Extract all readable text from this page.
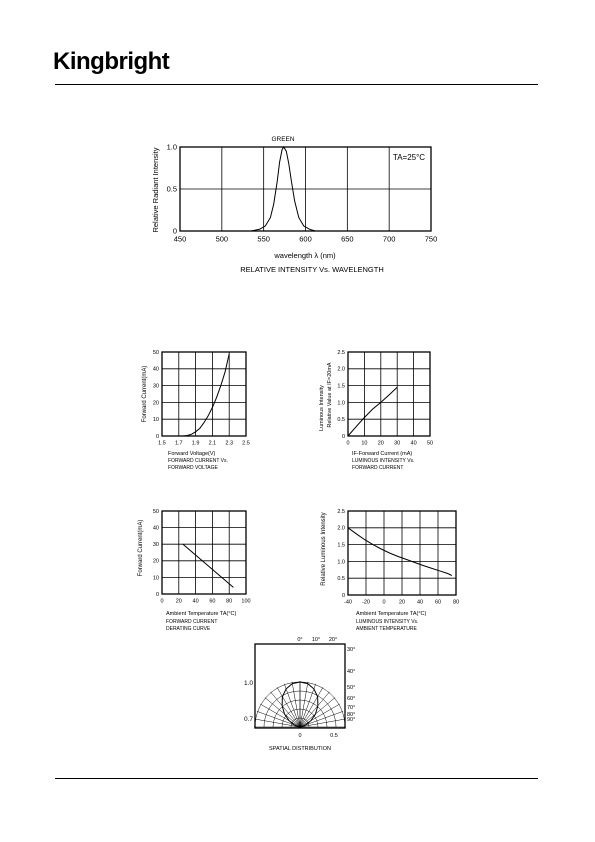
Kingbright
450	500	550	600	650	700	750
0
0.5
1.0
GREEN
TA=25°C
wavelength λ (nm)
RELATIVE INTENSITY Vs. WAVELENGTH
Relative Radiant Intensity
1.5 1.7 1.9 2.1 2.3 2.5
0
10
20
30
40
50
Forward Voltage(V)
FORWARD CURRENT Vs.
FORWARD VOLTAGE
Forward Current(mA)
0 10 20 30 40 50
0
0.5
1.0
1.5
2.0
2.5
IF-Forward Current (mA)
LUMINOUS INTENSITY Vs.
FORWARD CURRENT
Luminous Intensity Relative Value at IF=20mA
0 20 40 60 80 100
0
10
20
30
40
50
Ambient Temperature TA(°C)
FORWARD CURRENT
DERATING CURVE
Forward Current(mA)
-40 -20 0 20 40 60 80
0
0.5
1.0
1.5
2.0
2.5
Ambient Temperature TA(°C)
LUMINOUS INTENSITY Vs.
AMBIENT TEMPERATURE
Relative Luminous Intensity
0° 10° 20°
30°
40°
50°
60°
70°
80°
90°
1.0
0.7
0	0.5
SPATIAL DISTRIBUTION
